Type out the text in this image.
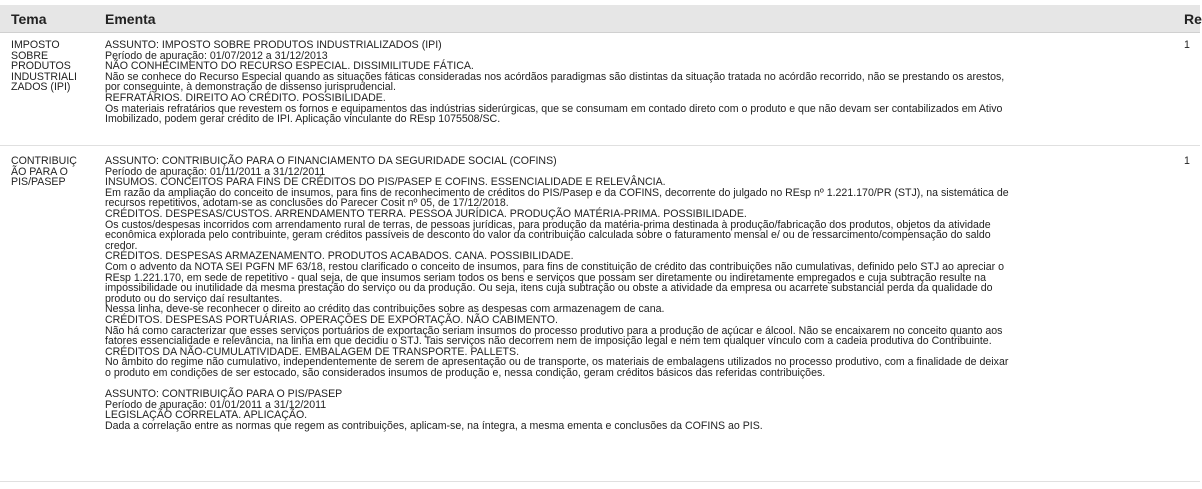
Tema	Ementa	Re
IMPOSTO
SOBRE
PRODUTOS
INDUSTRIALI
ZADOS (IPI)
ASSUNTO: IMPOSTO SOBRE PRODUTOS INDUSTRIALIZADOS (IPI)
Período de apuração: 01/07/2012 a 31/12/2013
NÃO CONHECIMENTO DO RECURSO ESPECIAL. DISSIMILITUDE FÁTICA.
Não se conhece do Recurso Especial quando as situações fáticas consideradas nos acórdãos paradigmas são distintas da situação tratada no acórdão recorrido, não se prestando os arestos,
por conseguinte, à demonstração de dissenso jurisprudencial.
REFRATÁRIOS. DIREITO AO CRÉDITO. POSSIBILIDADE.
Os materiais refratários que revestem os fornos e equipamentos das indústrias siderúrgicas, que se consumam em contado direto com o produto e que não devam ser contabilizados em Ativo
Imobilizado, podem gerar crédito de IPI. Aplicação vinculante do REsp 1075508/SC.
1
CONTRIBUIÇ
ÃO PARA O
PIS/PASEP
ASSUNTO: CONTRIBUIÇÃO PARA O FINANCIAMENTO DA SEGURIDADE SOCIAL (COFINS)
Período de apuração: 01/11/2011 a 31/12/2011
INSUMOS. CONCEITOS PARA FINS DE CRÉDITOS DO PIS/PASEP E COFINS. ESSENCIALIDADE E RELEVÂNCIA.
Em razão da ampliação do conceito de insumos, para fins de reconhecimento de créditos do PIS/Pasep e da COFINS, decorrente do julgado no REsp nº 1.221.170/PR (STJ), na sistemática de
recursos repetitivos, adotam-se as conclusões do Parecer Cosit nº 05, de 17/12/2018.
CRÉDITOS. DESPESAS/CUSTOS. ARRENDAMENTO TERRA. PESSOA JURÍDICA. PRODUÇÃO MATÉRIA-PRIMA. POSSIBILIDADE.
Os custos/despesas incorridos com arrendamento rural de terras, de pessoas jurídicas, para produção da matéria-prima destinada à produção/fabricação dos produtos, objetos da atividade
econômica explorada pelo contribuinte, geram créditos passíveis de desconto do valor da contribuição calculada sobre o faturamento mensal e/ ou de ressarcimento/compensação do saldo
credor.
CRÉDITOS. DESPESAS ARMAZENAMENTO. PRODUTOS ACABADOS. CANA. POSSIBILIDADE.
Com o advento da NOTA SEI PGFN MF 63/18, restou clarificado o conceito de insumos, para fins de constituição de crédito das contribuições não cumulativas, definido pelo STJ ao apreciar o
REsp 1.221.170, em sede de repetitivo - qual seja, de que insumos seriam todos os bens e serviços que possam ser diretamente ou indiretamente empregados e cuja subtração resulte na
impossibilidade ou inutilidade da mesma prestação do serviço ou da produção. Ou seja, itens cuja subtração ou obste a atividade da empresa ou acarrete substancial perda da qualidade do
produto ou do serviço daí resultantes.
Nessa linha, deve-se reconhecer o direito ao crédito das contribuições sobre as despesas com armazenagem de cana.
CRÉDITOS. DESPESAS PORTUÁRIAS. OPERAÇÕES DE EXPORTAÇÃO. NÃO CABIMENTO.
Não há como caracterizar que esses serviços portuários de exportação seriam insumos do processo produtivo para a produção de açúcar e álcool. Não se encaixarem no conceito quanto aos
fatores essencialidade e relevância, na linha em que decidiu o STJ. Tais serviços não decorrem nem de imposição legal e nem tem qualquer vínculo com a cadeia produtiva do Contribuinte.
CRÉDITOS DA NÃO-CUMULATIVIDADE. EMBALAGEM DE TRANSPORTE. PALLETS.
No âmbito do regime não cumulativo, independentemente de serem de apresentação ou de transporte, os materiais de embalagens utilizados no processo produtivo, com a finalidade de deixar
o produto em condições de ser estocado, são considerados insumos de produção e, nessa condição, geram créditos básicos das referidas contribuições.
ASSUNTO: CONTRIBUIÇÃO PARA O PIS/PASEP
Período de apuração: 01/01/2011 a 31/12/2011
LEGISLAÇÃO CORRELATA. APLICAÇÃO.
Dada a correlação entre as normas que regem as contribuições, aplicam-se, na íntegra, a mesma ementa e conclusões da COFINS ao PIS.
1
